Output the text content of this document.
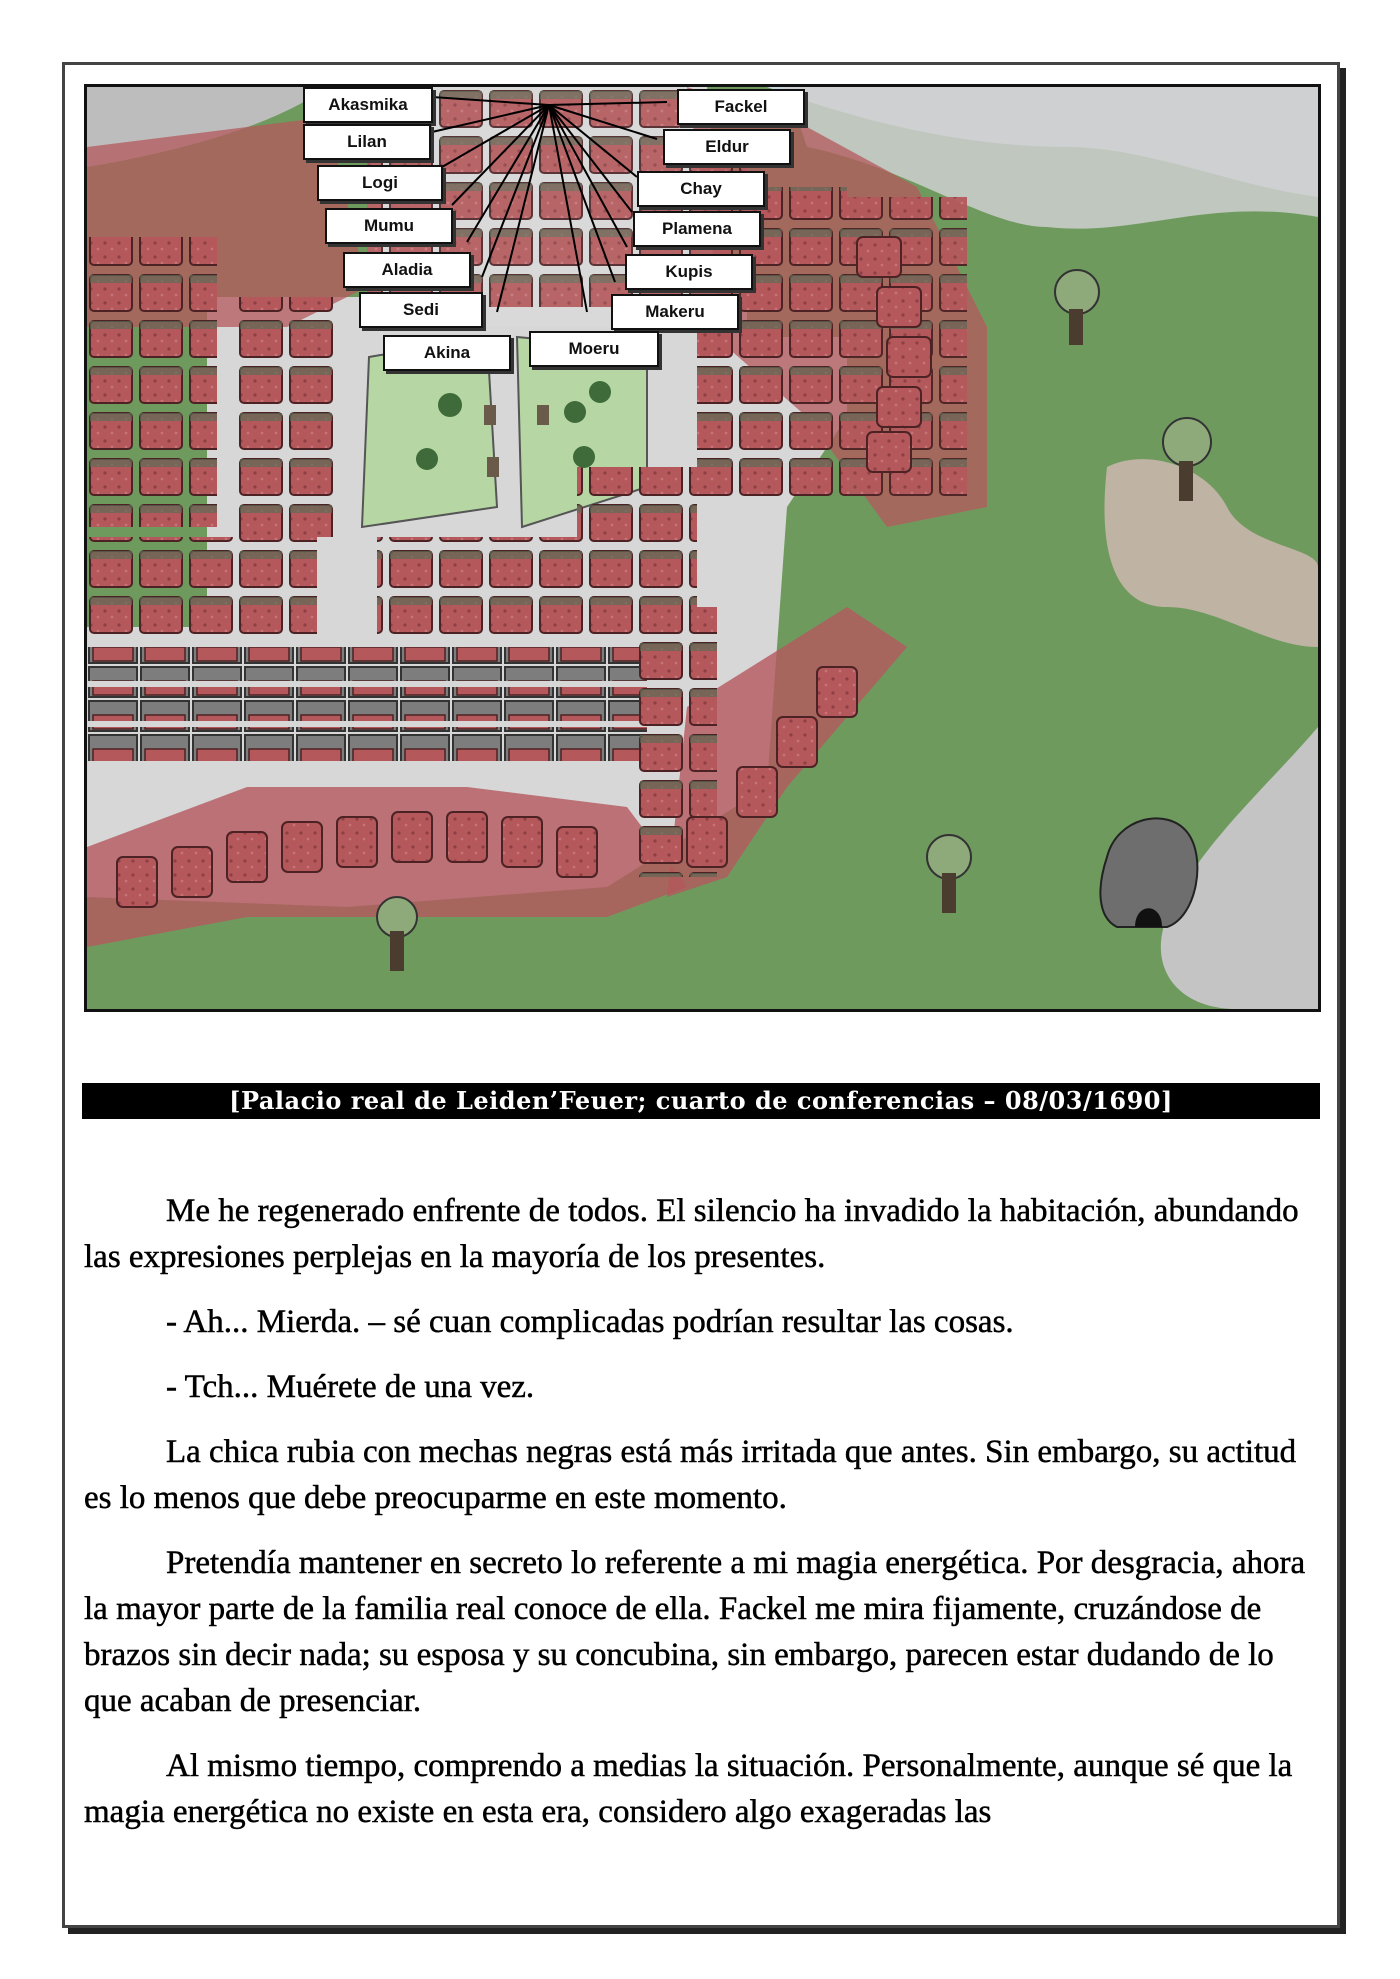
Akasmika
Lilan
Logi
Mumu
Aladia
Sedi
Akina
Fackel
Eldur
Chay
Plamena
Kupis
Makeru
Moeru
[Palacio real de Leiden’Feuer; cuarto de conferencias – 08/03/1690]

Me he regenerado enfrente de todos. El silencio ha invadido la habitación, abundando las expresiones perplejas en la mayoría de los presentes.

- Ah... Mierda. – sé cuan complicadas podrían resultar las cosas.

- Tch... Muérete de una vez.

La chica rubia con mechas negras está más irritada que antes. Sin embargo, su actitud es lo menos que debe preocuparme en este momento.

Pretendía mantener en secreto lo referente a mi magia energética. Por desgracia, ahora la mayor parte de la familia real conoce de ella. Fackel me mira fijamente, cruzándose de brazos sin decir nada; su esposa y su concubina, sin embargo, parecen estar dudando de lo que acaban de presenciar.

Al mismo tiempo, comprendo a medias la situación. Personalmente, aunque sé que la magia energética no existe en esta era, considero algo exageradas las
